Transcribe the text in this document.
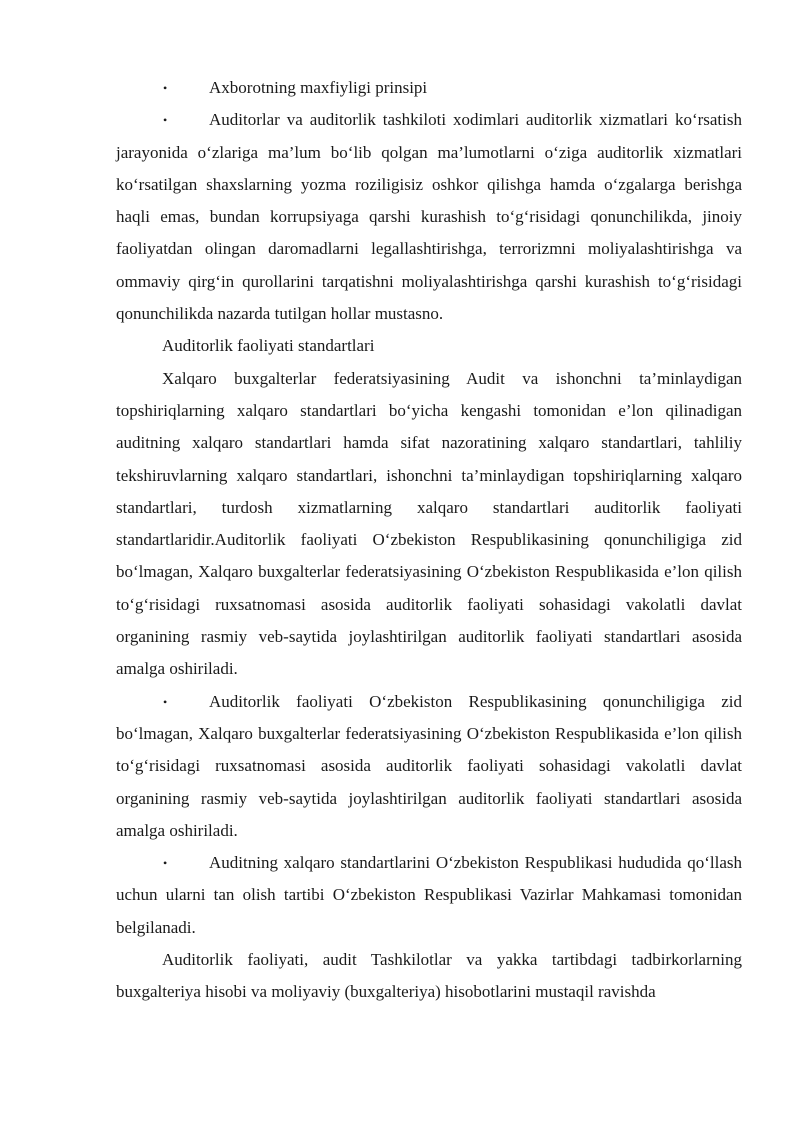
• Axborotning maxfiyligi prinsipi

• Auditorlar va auditorlik tashkiloti xodimlari auditorlik xizmatlari ko‘rsatish jarayonida o‘zlariga ma’lum bo‘lib qolgan ma’lumotlarni o‘ziga auditorlik xizmatlari ko‘rsatilgan shaxslarning yozma roziligisiz oshkor qilishga hamda o‘zgalarga berishga haqli emas, bundan korrupsiyaga qarshi kurashish to‘g‘risidagi qonunchilikda, jinoiy faoliyatdan olingan daromadlarni legallashtirishga, terrorizmni moliyalashtirishga va ommaviy qirg‘in qurollarini tarqatishni moliyalashtirishga qarshi kurashish to‘g‘risidagi qonunchilikda nazarda tutilgan hollar mustasno.

Auditorlik faoliyati standartlari

Xalqaro buxgalterlar federatsiyasining Audit va ishonchni ta’minlaydigan topshiriqlarning xalqaro standartlari bo‘yicha kengashi tomonidan e’lon qilinadigan auditning xalqaro standartlari hamda sifat nazoratining xalqaro standartlari, tahliliy tekshiruvlarning xalqaro standartlari, ishonchni ta’minlaydigan topshiriqlarning xalqaro standartlari, turdosh xizmatlarning xalqaro standartlari auditorlik faoliyati standartlaridir.Auditorlik faoliyati O‘zbekiston Respublikasining qonunchiligiga zid bo‘lmagan, Xalqaro buxgalterlar federatsiyasining O‘zbekiston Respublikasida e’lon qilish to‘g‘risidagi ruxsatnomasi asosida auditorlik faoliyati sohasidagi vakolatli davlat organining rasmiy veb-saytida joylashtirilgan auditorlik faoliyati standartlari asosida amalga oshiriladi.

• Auditorlik faoliyati O‘zbekiston Respublikasining qonunchiligiga zid bo‘lmagan, Xalqaro buxgalterlar federatsiyasining O‘zbekiston Respublikasida e’lon qilish to‘g‘risidagi ruxsatnomasi asosida auditorlik faoliyati sohasidagi vakolatli davlat organining rasmiy veb-saytida joylashtirilgan auditorlik faoliyati standartlari asosida amalga oshiriladi.

• Auditning xalqaro standartlarini O‘zbekiston Respublikasi hududida qo‘llash uchun ularni tan olish tartibi O‘zbekiston Respublikasi Vazirlar Mahkamasi tomonidan belgilanadi.

Auditorlik faoliyati, audit Tashkilotlar va yakka tartibdagi tadbirkorlarning buxgalteriya hisobi va moliyaviy (buxgalteriya) hisobotlarini mustaqil ravishda
